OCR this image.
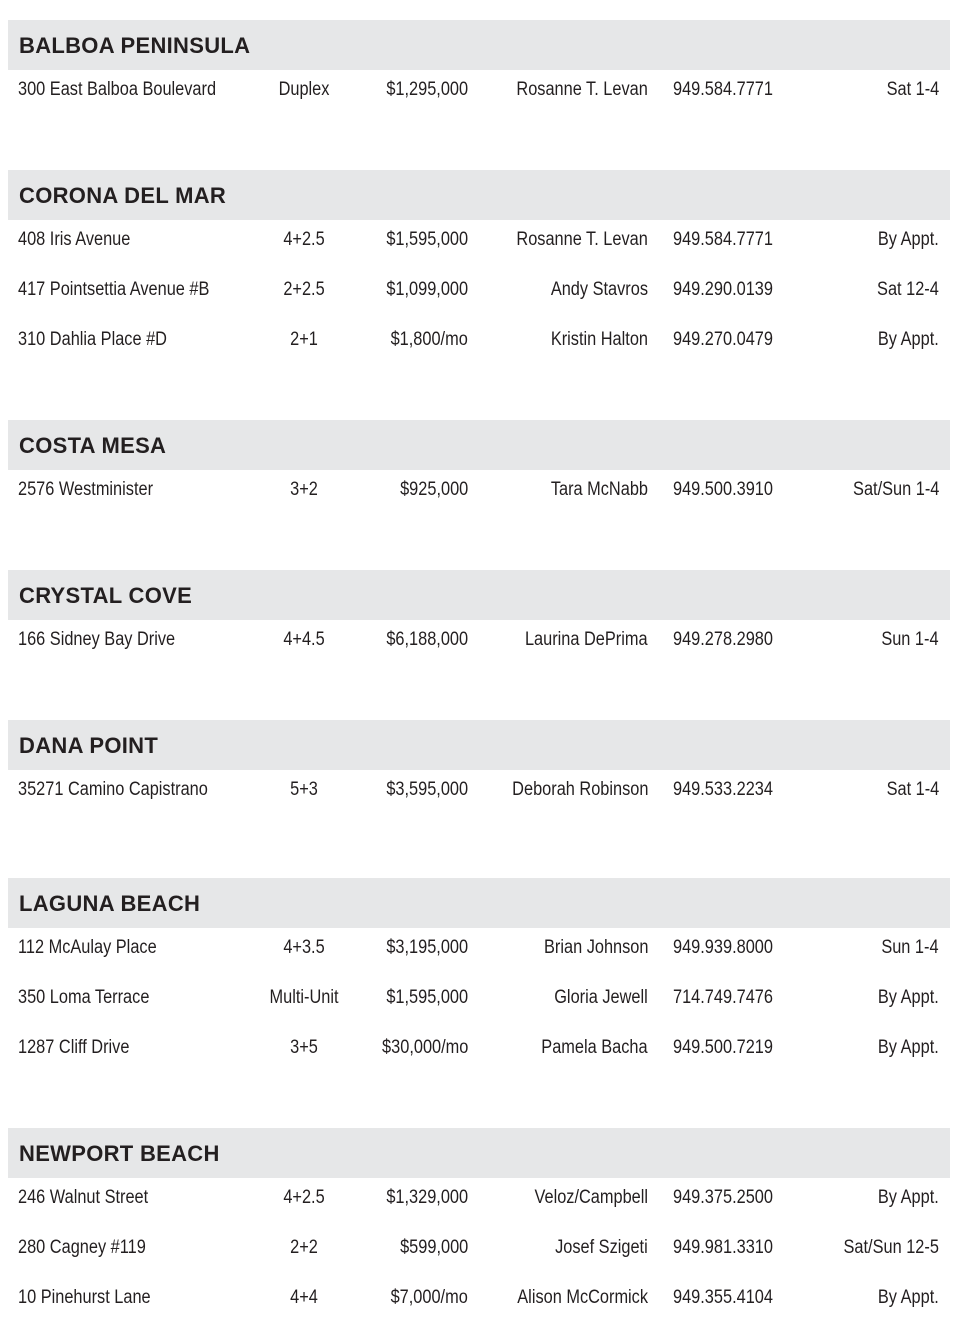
BALBOA PENINSULA
300 East Balboa Boulevard	Duplex	$1,295,000	Rosanne T. Levan 949.584.7771	Sat 1-4
CORONA DEL MAR
408 Iris Avenue	4+2.5	$1,595,000	Rosanne T. Levan 949.584.7771	By Appt.
417 Pointsettia Avenue #B	2+2.5	$1,099,000	Andy Stavros 949.290.0139	Sat 12-4
310 Dahlia Place #D	2+1	$1,800/mo	Kristin Halton 949.270.0479	By Appt.
COSTA MESA
2576 Westminister	3+2	$925,000	Tara McNabb 949.500.3910	Sat/Sun 1-4
CRYSTAL COVE
166 Sidney Bay Drive	4+4.5	$6,188,000	Laurina DePrima 949.278.2980	Sun 1-4
DANA POINT
35271 Camino Capistrano	5+3	$3,595,000 Deborah Robinson 949.533.2234	Sat 1-4
LAGUNA BEACH
112 McAulay Place	4+3.5	$3,195,000	Brian Johnson 949.939.8000	Sun 1-4
350 Loma Terrace	Multi-Unit	$1,595,000	Gloria Jewell 714.749.7476	By Appt.
1287 Cliff Drive	3+5	$30,000/mo	Pamela Bacha 949.500.7219	By Appt.
NEWPORT BEACH
246 Walnut Street	4+2.5	$1,329,000	Veloz/Campbell 949.375.2500	By Appt.
280 Cagney #119	2+2	$599,000	Josef Szigeti 949.981.3310	Sat/Sun 12-5
10 Pinehurst Lane	4+4	$7,000/mo	Alison McCormick 949.355.4104	By Appt.
